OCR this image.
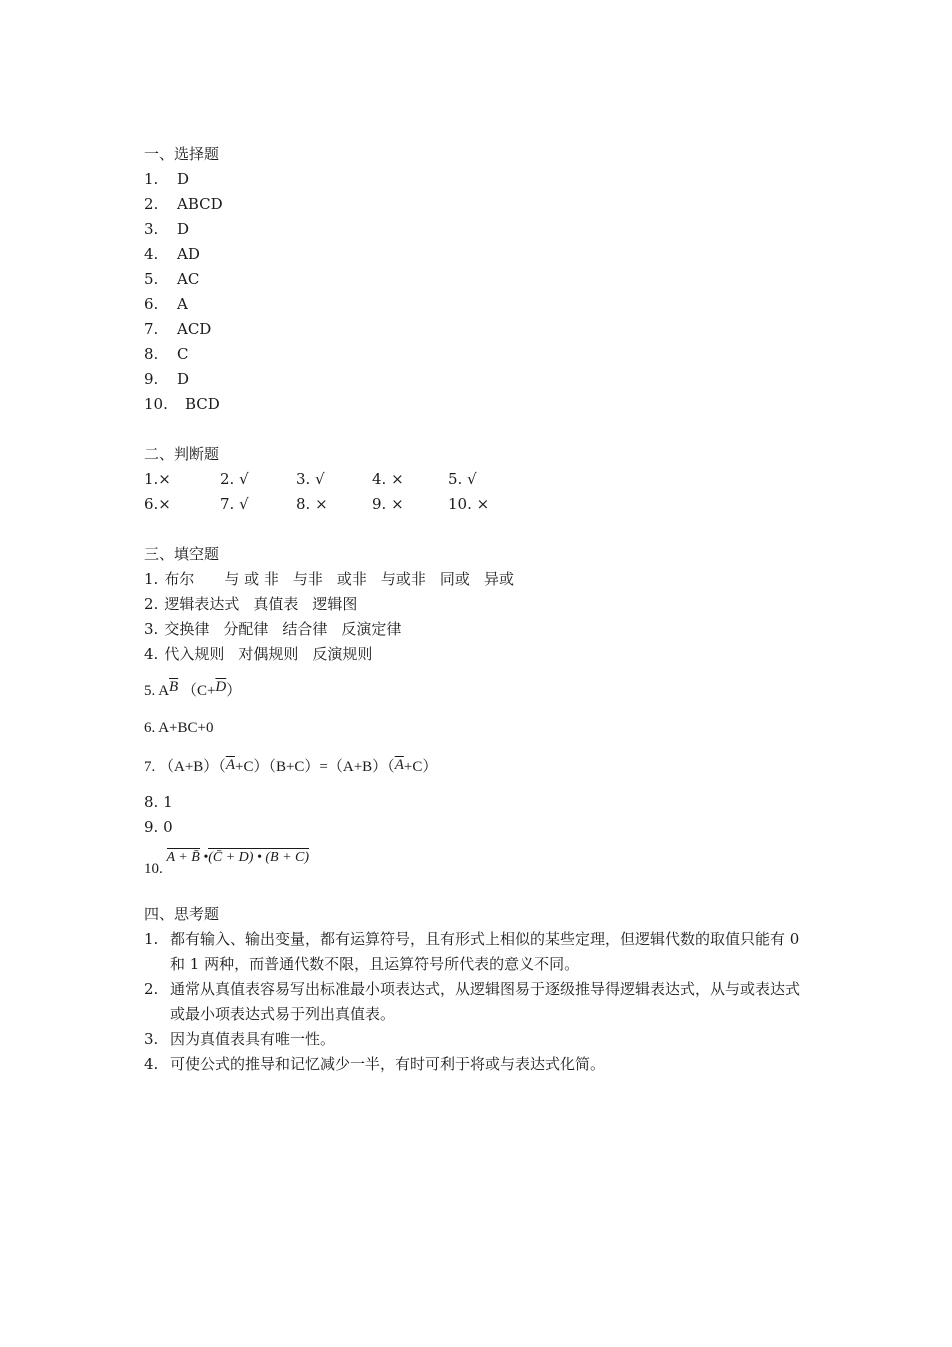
一、选择题
1. D
2. ABCD
3. D
4. AD
5. AC
6. A
7. ACD
8. C
9. D
10. BCD
二、判断题
1.×	2. √	3. √	4. ×	5. √
6.×	7. √	8. ×	9. ×	10. ×
三、填空题
1. 布尔 与 或 非 与非 或非 与或非 同或 异或
2. 逻辑表达式 真值表 逻辑图
3. 交换律 分配律 结合律 反演定律
4. 代入规则 对偶规则 反演规则
5. $A\overline{B}$ $(C+\overline{D})$
6. A+BC+0
7. $(A+B)(\overline{A}+C)(B+C)=(A+B)(\overline{A}+C)$
8. 1
9. 0
10. A + B̄ •(C̄ + D) • (B + C)
四、思考题
1. 都有输入、输出变量，都有运算符号，且有形式上相似的某些定理，但逻辑代数的取值只能有 0 和 1 两种，而普通代数不限，且运算符号所代表的意义不同。
2. 通常从真值表容易写出标准最小项表达式，从逻辑图易于逐级推导得逻辑表达式，从与或表达式或最小项表达式易于列出真值表。
3. 因为真值表具有唯一性。
4. 可使公式的推导和记忆减少一半，有时可利于将或与表达式化简。
